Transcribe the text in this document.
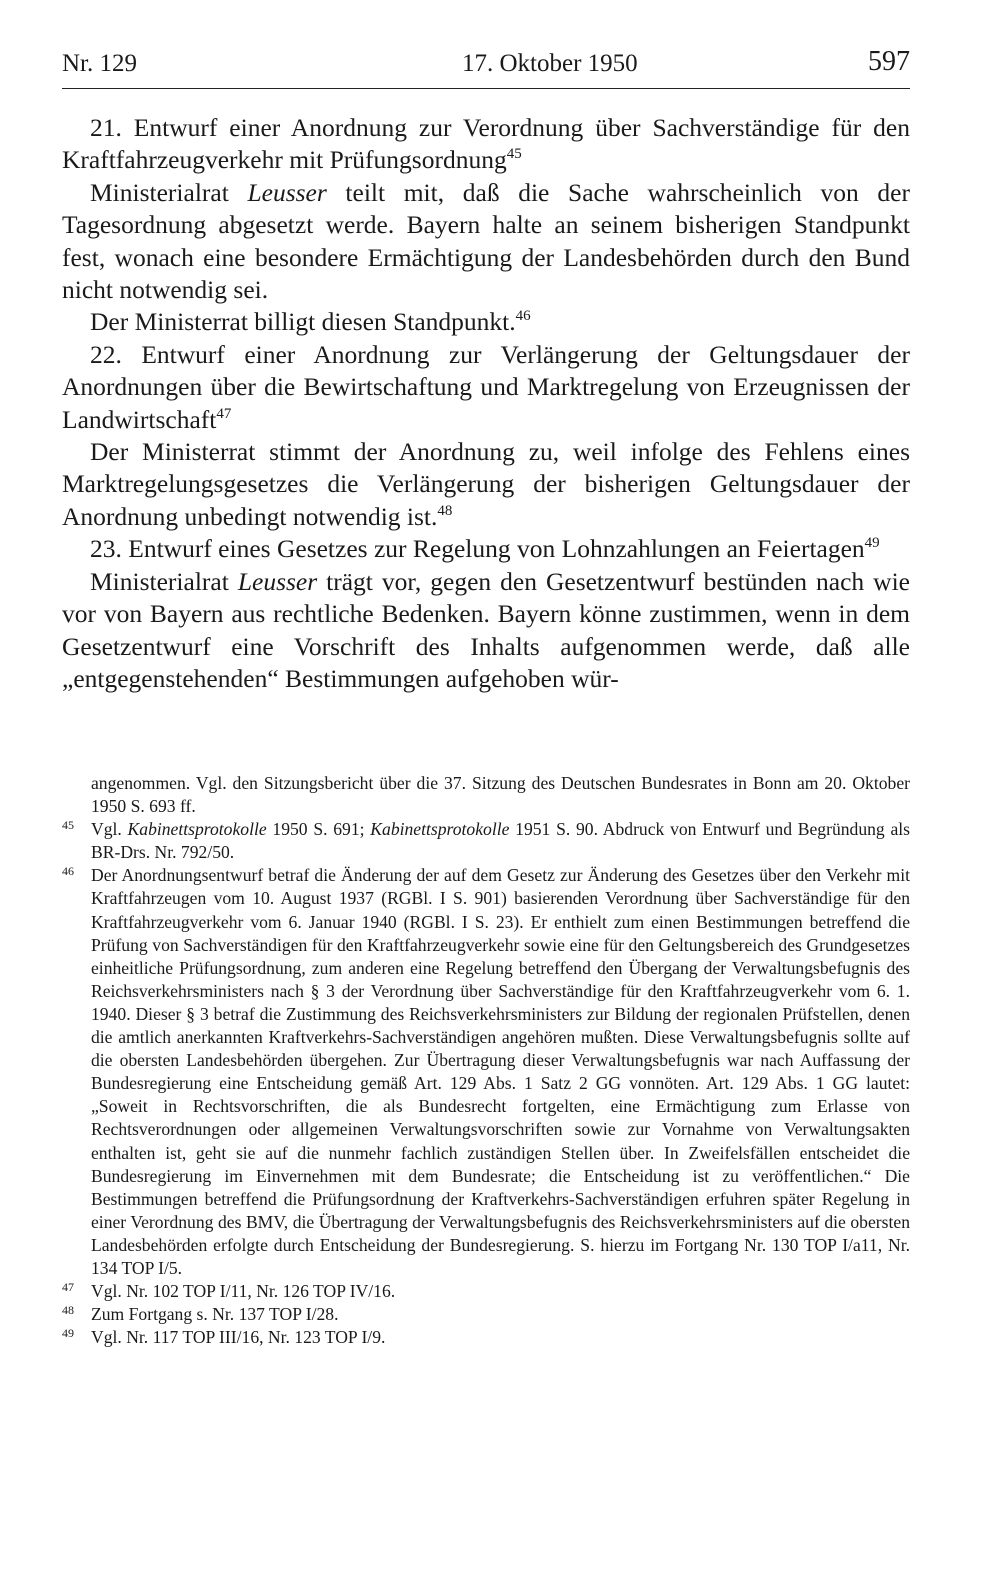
Nr. 129	17. Oktober 1950	597

21. Entwurf einer Anordnung zur Verordnung über Sachverständige für den Kraftfahrzeugverkehr mit Prüfungsordnung$^{45}$

Ministerialrat Leusser teilt mit, daß die Sache wahrscheinlich von der Tagesordnung abgesetzt werde. Bayern halte an seinem bisherigen Standpunkt fest, wonach eine besondere Ermächtigung der Landesbehörden durch den Bund nicht notwendig sei.

Der Ministerrat billigt diesen Standpunkt.$^{46}$

22. Entwurf einer Anordnung zur Verlängerung der Geltungsdauer der Anordnungen über die Bewirtschaftung und Marktregelung von Erzeugnissen der Landwirtschaft$^{47}$

Der Ministerrat stimmt der Anordnung zu, weil infolge des Fehlens eines Marktregelungsgesetzes die Verlängerung der bisherigen Geltungsdauer der Anordnung unbedingt notwendig ist.$^{48}$

23. Entwurf eines Gesetzes zur Regelung von Lohnzahlungen an Feiertagen$^{49}$

Ministerialrat Leusser trägt vor, gegen den Gesetzentwurf bestünden nach wie vor von Bayern aus rechtliche Bedenken. Bayern könne zustimmen, wenn in dem Gesetzentwurf eine Vorschrift des Inhalts aufgenommen werde, daß alle „entgegenstehenden“ Bestimmungen aufgehoben wür-

angenommen. Vgl. den Sitzungsbericht über die 37. Sitzung des Deutschen Bundesrates in Bonn am 20. Oktober 1950 S. 693 ff.
45 Vgl. Kabinettsprotokolle 1950 S. 691; Kabinettsprotokolle 1951 S. 90. Abdruck von Entwurf und Begründung als BR-Drs. Nr. 792/50.
46 Der Anordnungsentwurf betraf die Änderung der auf dem Gesetz zur Änderung des Gesetzes über den Verkehr mit Kraftfahrzeugen vom 10. August 1937 (RGBl. I S. 901) basierenden Verordnung über Sachverständige für den Kraftfahrzeugverkehr vom 6. Januar 1940 (RGBl. I S. 23). Er enthielt zum einen Bestimmungen betreffend die Prüfung von Sachverständigen für den Kraftfahrzeugverkehr sowie eine für den Geltungsbereich des Grundgesetzes einheitliche Prüfungsordnung, zum anderen eine Regelung betreffend den Übergang der Verwaltungsbefugnis des Reichsverkehrsministers nach § 3 der Verordnung über Sachverständige für den Kraftfahrzeugverkehr vom 6. 1. 1940. Dieser § 3 betraf die Zustimmung des Reichsverkehrsministers zur Bildung der regionalen Prüfstellen, denen die amtlich anerkannten Kraftverkehrs-Sachverständigen angehören mußten. Diese Verwaltungsbefugnis sollte auf die obersten Landesbehörden übergehen. Zur Übertragung dieser Verwaltungsbefugnis war nach Auffassung der Bundesregierung eine Entscheidung gemäß Art. 129 Abs. 1 Satz 2 GG vonnöten. Art. 129 Abs. 1 GG lautet: „Soweit in Rechtsvorschriften, die als Bundesrecht fortgelten, eine Ermächtigung zum Erlasse von Rechtsverordnungen oder allgemeinen Verwaltungsvorschriften sowie zur Vornahme von Verwaltungsakten enthalten ist, geht sie auf die nunmehr fachlich zuständigen Stellen über. In Zweifelsfällen entscheidet die Bundesregierung im Einvernehmen mit dem Bundesrate; die Entscheidung ist zu veröffentlichen.“ Die Bestimmungen betreffend die Prüfungsordnung der Kraftverkehrs-Sachverständigen erfuhren später Regelung in einer Verordnung des BMV, die Übertragung der Verwaltungsbefugnis des Reichsverkehrsministers auf die obersten Landesbehörden erfolgte durch Entscheidung der Bundesregierung. S. hierzu im Fortgang Nr. 130 TOP I/a11, Nr. 134 TOP I/5.
47 Vgl. Nr. 102 TOP I/11, Nr. 126 TOP IV/16.
48 Zum Fortgang s. Nr. 137 TOP I/28.
49 Vgl. Nr. 117 TOP III/16, Nr. 123 TOP I/9.
